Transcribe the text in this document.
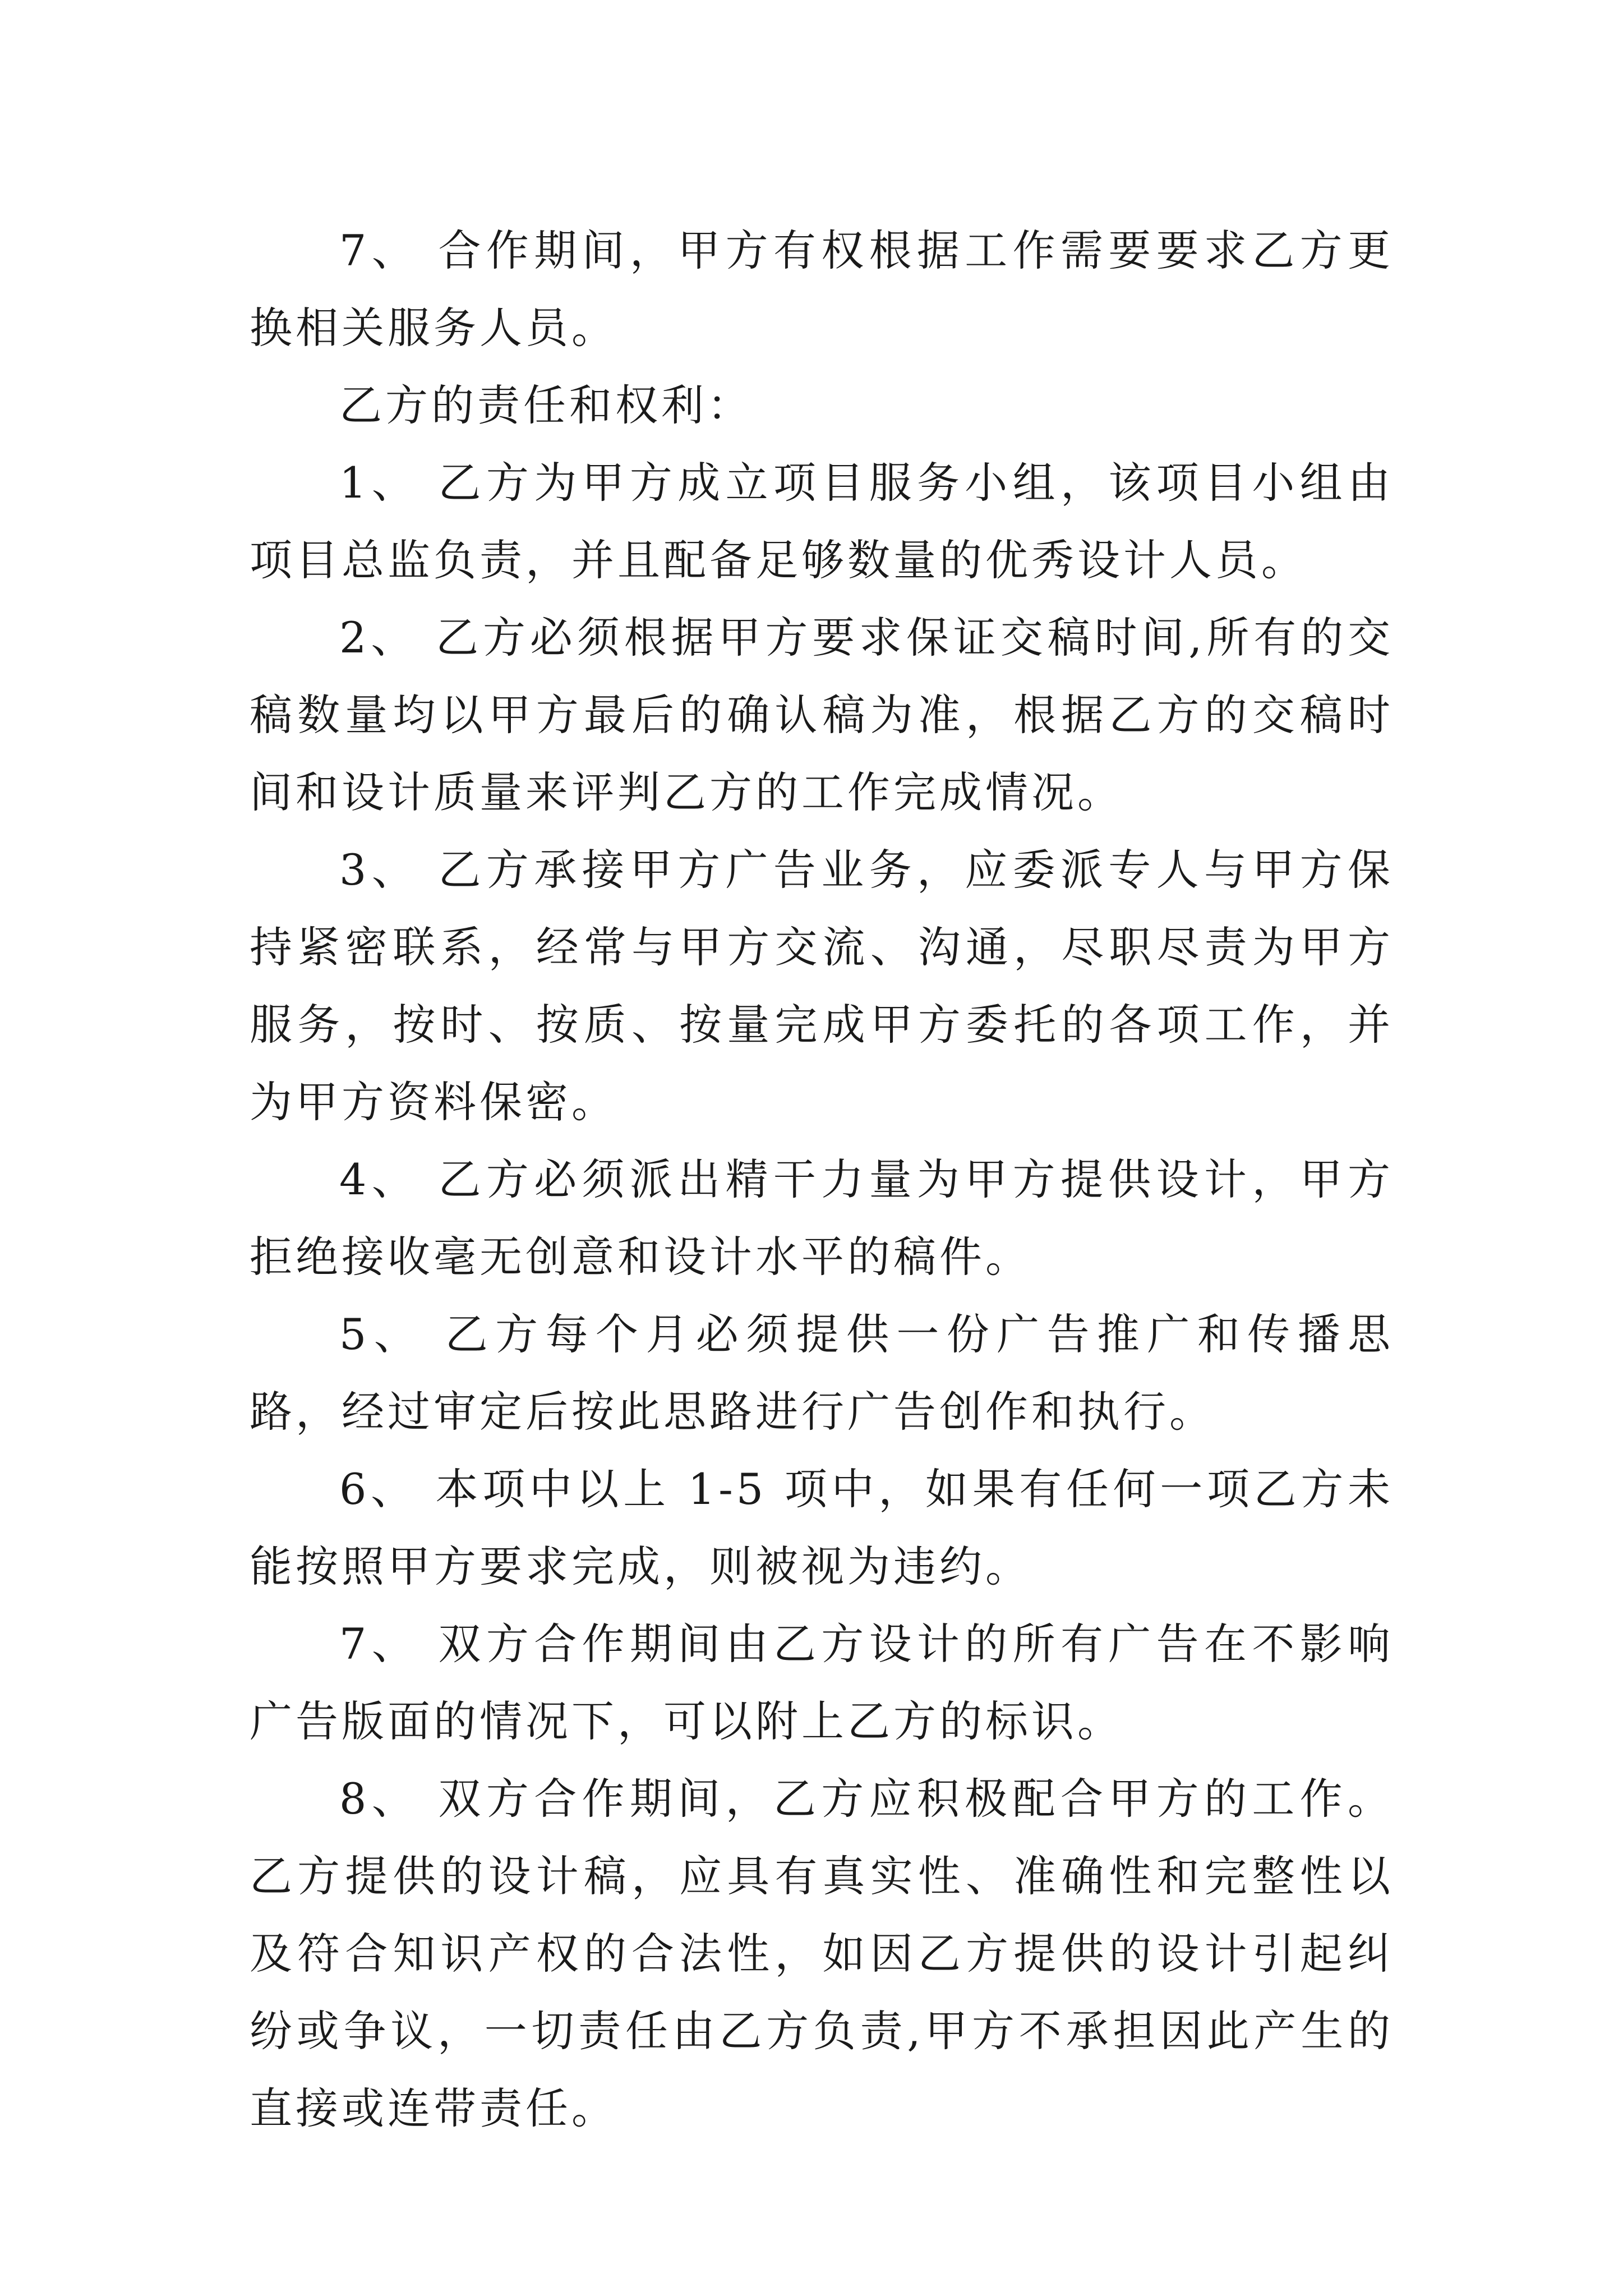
7、 合作期间，甲方有权根据工作需要要求乙方更换相关服务人员。

乙方的责任和权利：

1、 乙方为甲方成立项目服务小组，该项目小组由项目总监负责，并且配备足够数量的优秀设计人员。

2、 乙方必须根据甲方要求保证交稿时间,所有的交稿数量均以甲方最后的确认稿为准，根据乙方的交稿时间和设计质量来评判乙方的工作完成情况。

3、 乙方承接甲方广告业务，应委派专人与甲方保持紧密联系，经常与甲方交流、沟通，尽职尽责为甲方服务，按时、按质、按量完成甲方委托的各项工作，并为甲方资料保密。

4、 乙方必须派出精干力量为甲方提供设计，甲方拒绝接收毫无创意和设计水平的稿件。

5、 乙方每个月必须提供一份广告推广和传播思路，经过审定后按此思路进行广告创作和执行。

6、 本项中以上 1-5 项中，如果有任何一项乙方未能按照甲方要求完成，则被视为违约。

7、 双方合作期间由乙方设计的所有广告在不影响广告版面的情况下，可以附上乙方的标识。

8、 双方合作期间，乙方应积极配合甲方的工作。乙方提供的设计稿，应具有真实性、准确性和完整性以及符合知识产权的合法性，如因乙方提供的设计引起纠纷或争议，一切责任由乙方负责,甲方不承担因此产生的直接或连带责任。
